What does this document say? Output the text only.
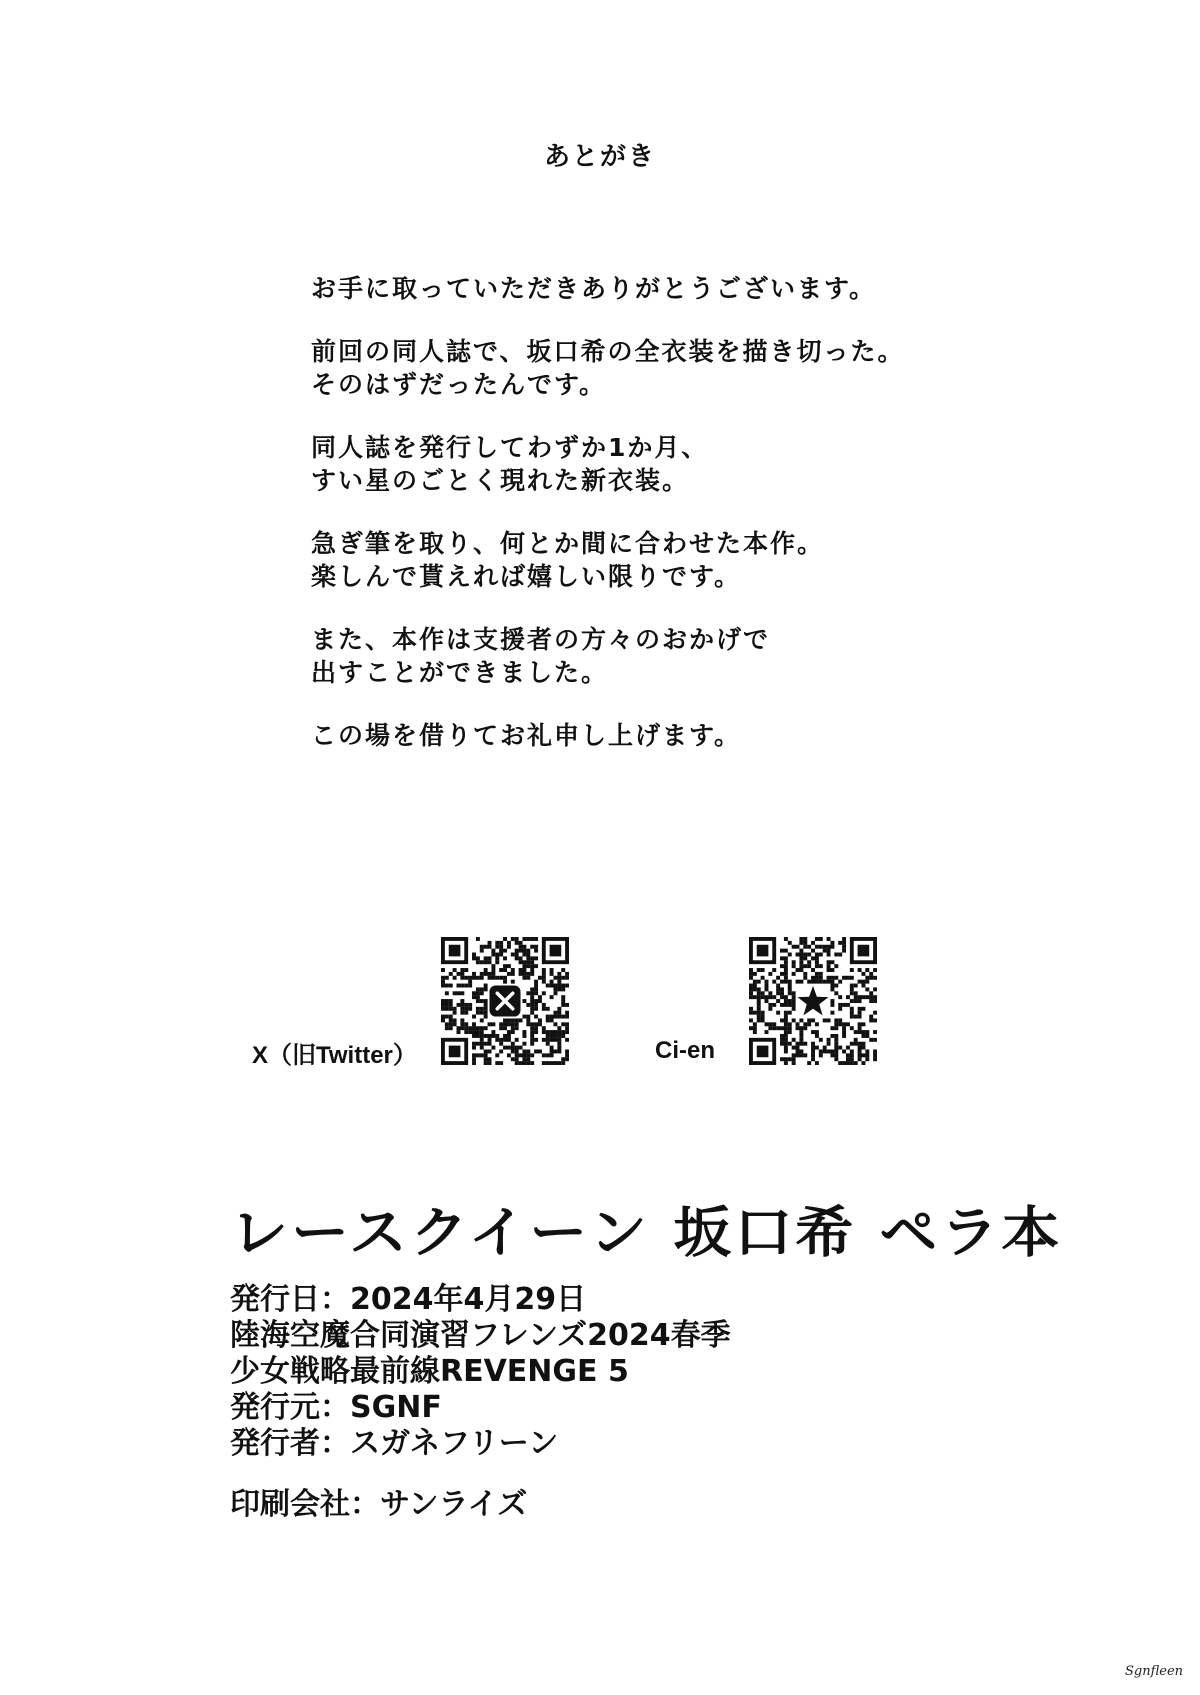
あとがき

お手に取っていただきありがとうございます。

前回の同人誌で、坂口希の全衣装を描き切った。
そのはずだったんです。

同人誌を発行してわずか1か月、
すい星のごとく現れた新衣装。

急ぎ筆を取り、何とか間に合わせた本作。
楽しんで貰えれば嬉しい限りです。

また、本作は支援者の方々のおかげで
出すことができました。

この場を借りてお礼申し上げます。

X（旧Twitter）	Ci-en
レースクイーン 坂口希 ペラ本
発行日：2024年4月29日
陸海空魔合同演習フレンズ2024春季
少女戦略最前線REVENGE 5
発行元：SGNF
発行者：スガネフリーン
印刷会社：サンライズ
Sgnfleen
